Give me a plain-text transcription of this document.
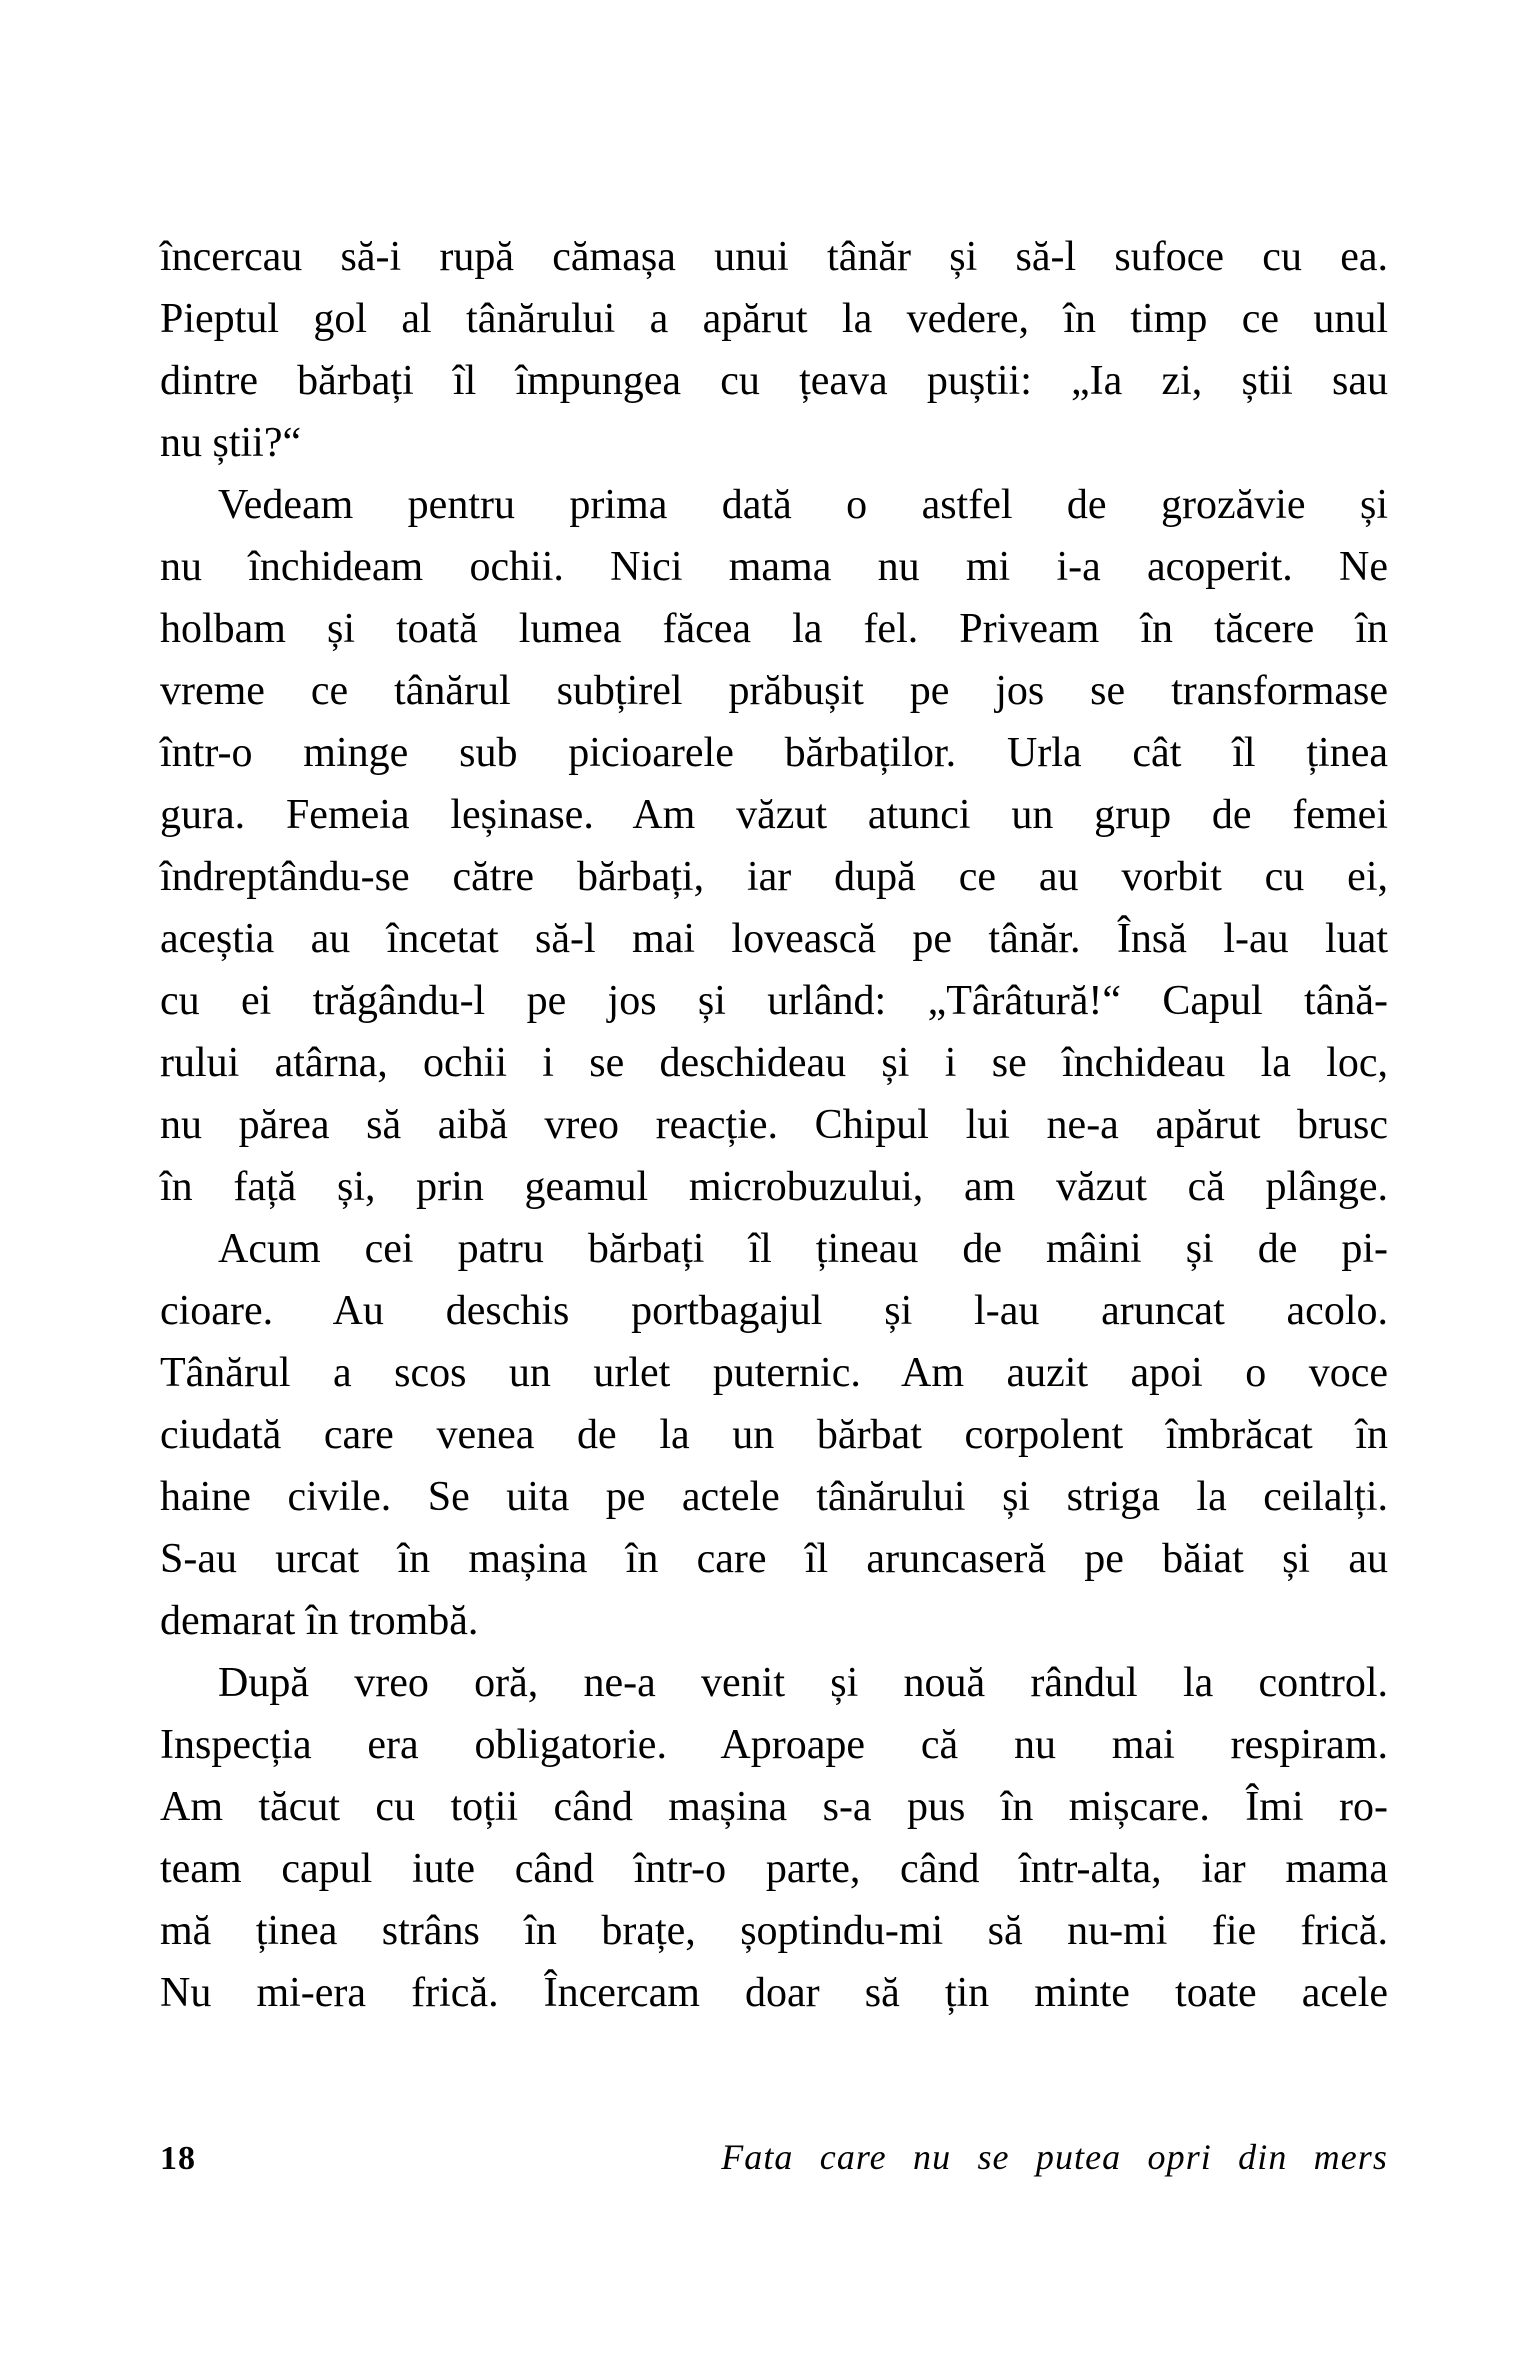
încercau să-i rupă cămașa unui tânăr și să-l sufoce cu ea.
Pieptul gol al tânărului a apărut la vedere, în timp ce unul
dintre bărbați îl împungea cu țeava puștii: „Ia zi, știi sau
nu știi?“
Vedeam pentru prima dată o astfel de grozăvie și
nu închideam ochii. Nici mama nu mi i-a acoperit. Ne
holbam și toată lumea făcea la fel. Priveam în tăcere în
vreme ce tânărul subțirel prăbușit pe jos se transformase
într-o minge sub picioarele bărbaților. Urla cât îl ținea
gura. Femeia leșinase. Am văzut atunci un grup de femei
îndreptându-se către bărbați, iar după ce au vorbit cu ei,
aceștia au încetat să-l mai lovească pe tânăr. Însă l-au luat
cu ei trăgându-l pe jos și urlând: „Târâtură!“ Capul tână-
rului atârna, ochii i se deschideau și i se închideau la loc,
nu părea să aibă vreo reacție. Chipul lui ne-a apărut brusc
în față și, prin geamul microbuzului, am văzut că plânge.
Acum cei patru bărbați îl țineau de mâini și de pi-
cioare. Au deschis portbagajul și l-au aruncat acolo.
Tânărul a scos un urlet puternic. Am auzit apoi o voce
ciudată care venea de la un bărbat corpolent îmbrăcat în
haine civile. Se uita pe actele tânărului și striga la ceilalți.
S-au urcat în mașina în care îl aruncaseră pe băiat și au
demarat în trombă.
După vreo oră, ne-a venit și nouă rândul la control.
Inspecția era obligatorie. Aproape că nu mai respiram.
Am tăcut cu toții când mașina s-a pus în mișcare. Îmi ro-
team capul iute când într-o parte, când într-alta, iar mama
mă ținea strâns în brațe, șoptindu-mi să nu-mi fie frică.
Nu mi-era frică. Încercam doar să țin minte toate acele
18	Fata care nu se putea opri din mers
